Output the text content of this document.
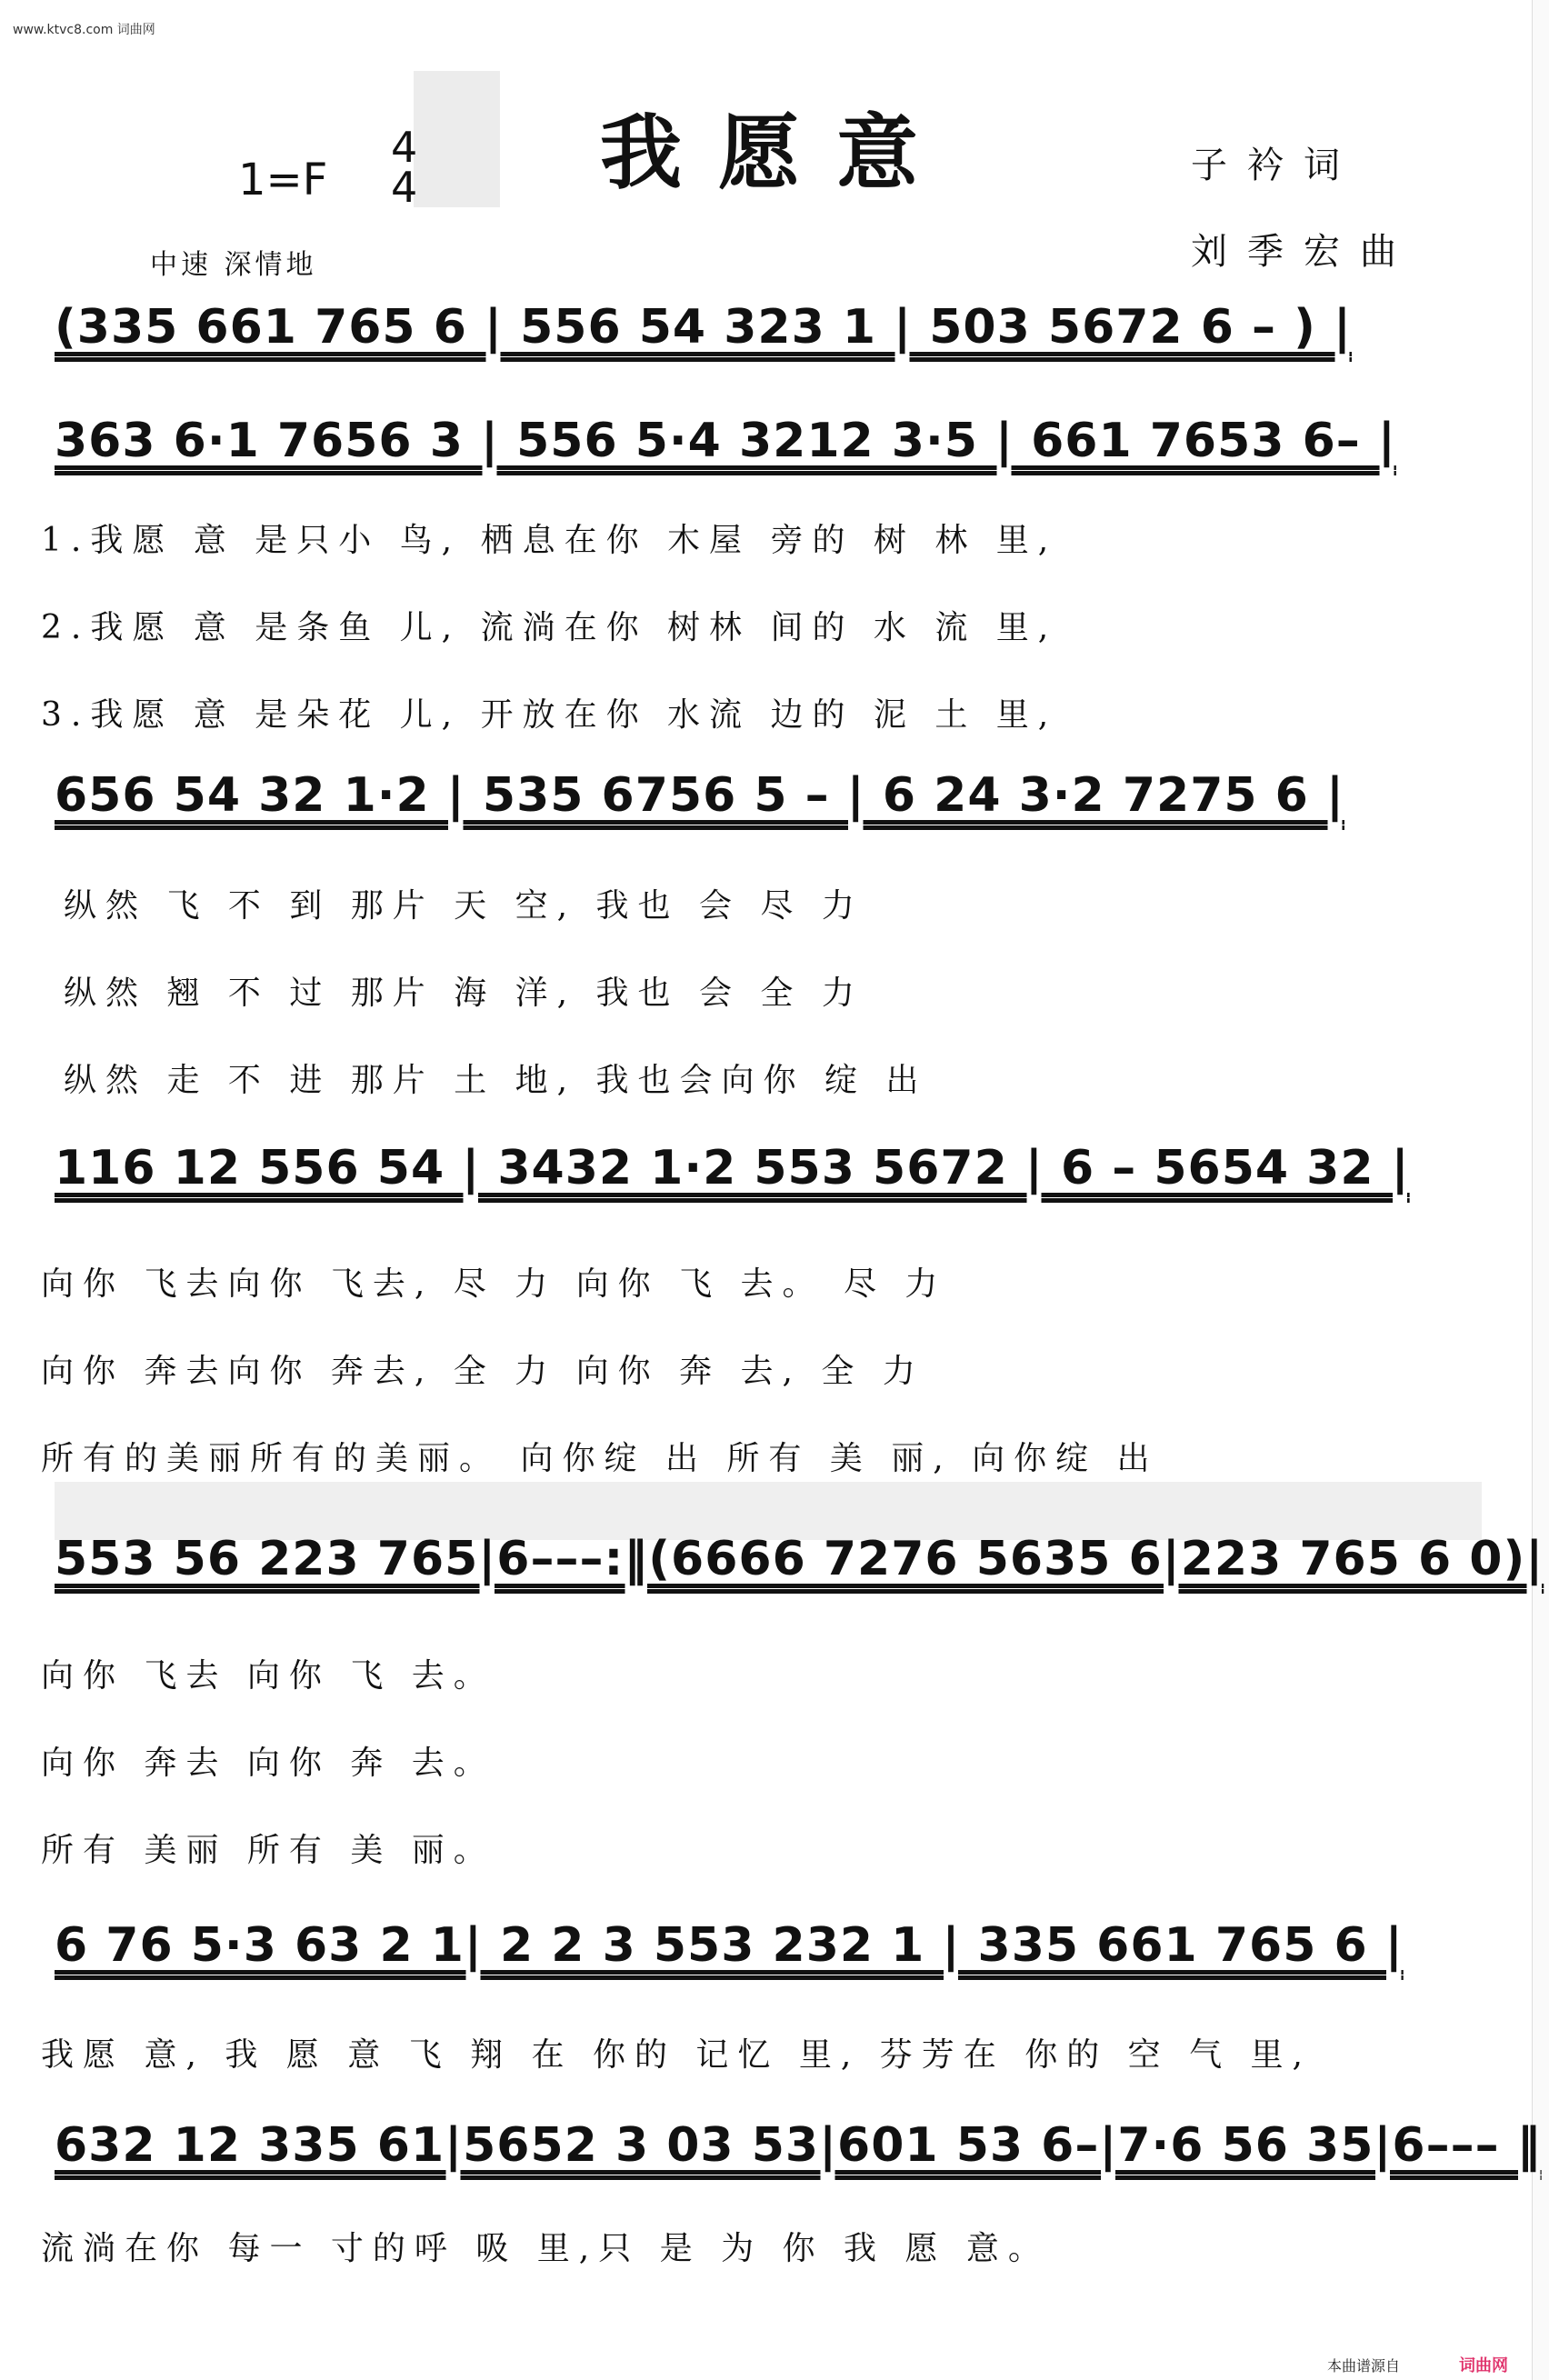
www.ktvc8.com 词曲网
我愿意
1=F
4
4
中速 深情地
子衿词
刘季宏曲
(335 661 765 6 | 556 54 323 1 | 503 5672 6 – ) |
363 6·1 7656 3 | 556 5·4 3212 3·5 | 661 7653 6– |
1.我愿 意 是只小 鸟, 栖息在你 木屋 旁的 树 林 里,
2.我愿 意 是条鱼 儿, 流淌在你 树林 间的 水 流 里,
3.我愿 意 是朵花 儿, 开放在你 水流 边的 泥 土 里,
656 54 32 1·2 | 535 6756 5 – | 6 24 3·2 7275 6 |
纵然 飞 不 到 那片 天 空, 我也 会 尽 力
纵然 翘 不 过 那片 海 洋, 我也 会 全 力
纵然 走 不 进 那片 土 地, 我也会向你 绽 出
116 12 556 54 | 3432 1·2 553 5672 | 6 – 5654 32 |
向你 飞去向你 飞去, 尽 力 向你 飞 去。 尽 力
向你 奔去向你 奔去, 全 力 向你 奔 去, 全 力
所有的美丽所有的美丽。 向你绽 出 所有 美 丽, 向你绽 出
553 56 223 765|6–––:‖(6666 7276 5635 6|223 765 6 0)|
向你 飞去 向你 飞 去。
向你 奔去 向你 奔 去。
所有 美丽 所有 美 丽。
6 76 5·3 63 2 1| 2 2 3 553 232 1 | 335 661 765 6 |
我愿 意, 我 愿 意 飞 翔 在 你的 记忆 里, 芬芳在 你的 空 气 里,
632 12 335 61|5652 3 03 53|601 53 6–|7·6 56 35|6––– ‖
流淌在你 每一 寸的呼 吸 里,只 是 为 你 我 愿 意。
本曲谱源自	词曲网
